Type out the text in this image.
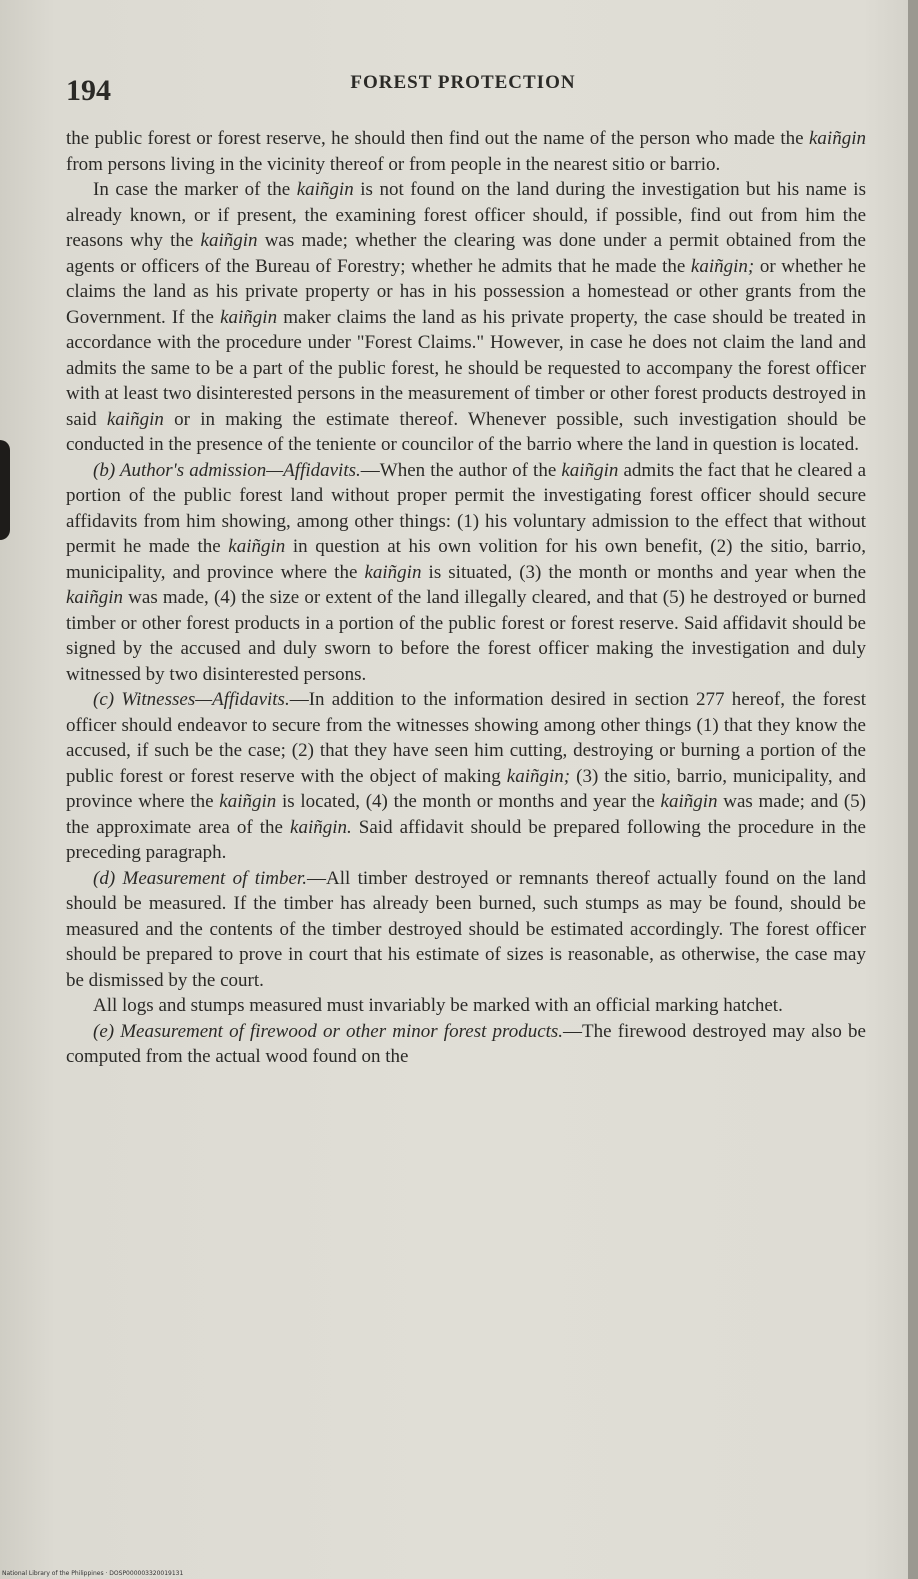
194	FOREST PROTECTION

the public forest or forest reserve, he should then find out the name of the person who made the kaiñgin from persons living in the vicinity thereof or from people in the nearest sitio or barrio.

In case the marker of the kaiñgin is not found on the land during the investigation but his name is already known, or if present, the examining forest officer should, if possible, find out from him the reasons why the kaiñgin was made; whether the clearing was done under a permit obtained from the agents or officers of the Bureau of Forestry; whether he admits that he made the kaiñgin; or whether he claims the land as his private property or has in his possession a homestead or other grants from the Government. If the kaiñgin maker claims the land as his private property, the case should be treated in accordance with the procedure under "Forest Claims." However, in case he does not claim the land and admits the same to be a part of the public forest, he should be requested to accompany the forest officer with at least two disinterested persons in the measurement of timber or other forest products destroyed in said kaiñgin or in making the estimate thereof. Whenever possible, such investigation should be conducted in the presence of the teniente or councilor of the barrio where the land in question is located.

(b) Author's admission—Affidavits.—When the author of the kaiñgin admits the fact that he cleared a portion of the public forest land without proper permit the investigating forest officer should secure affidavits from him showing, among other things: (1) his voluntary admission to the effect that without permit he made the kaiñgin in question at his own volition for his own benefit, (2) the sitio, barrio, municipality, and province where the kaiñgin is situated, (3) the month or months and year when the kaiñgin was made, (4) the size or extent of the land illegally cleared, and that (5) he destroyed or burned timber or other forest products in a portion of the public forest or forest reserve. Said affidavit should be signed by the accused and duly sworn to before the forest officer making the investigation and duly witnessed by two disinterested persons.

(c) Witnesses—Affidavits.—In addition to the information desired in section 277 hereof, the forest officer should endeavor to secure from the witnesses showing among other things (1) that they know the accused, if such be the case; (2) that they have seen him cutting, destroying or burning a portion of the public forest or forest reserve with the object of making kaiñgin; (3) the sitio, barrio, municipality, and province where the kaiñgin is located, (4) the month or months and year the kaiñgin was made; and (5) the approximate area of the kaiñgin. Said affidavit should be prepared following the procedure in the preceding paragraph.

(d) Measurement of timber.—All timber destroyed or remnants thereof actually found on the land should be measured. If the timber has already been burned, such stumps as may be found, should be measured and the contents of the timber destroyed should be estimated accordingly. The forest officer should be prepared to prove in court that his estimate of sizes is reasonable, as otherwise, the case may be dismissed by the court.

All logs and stumps measured must invariably be marked with an official marking hatchet.

(e) Measurement of firewood or other minor forest products.—The firewood destroyed may also be computed from the actual wood found on the

National Library of the Philippines · DOSP000003320019131
